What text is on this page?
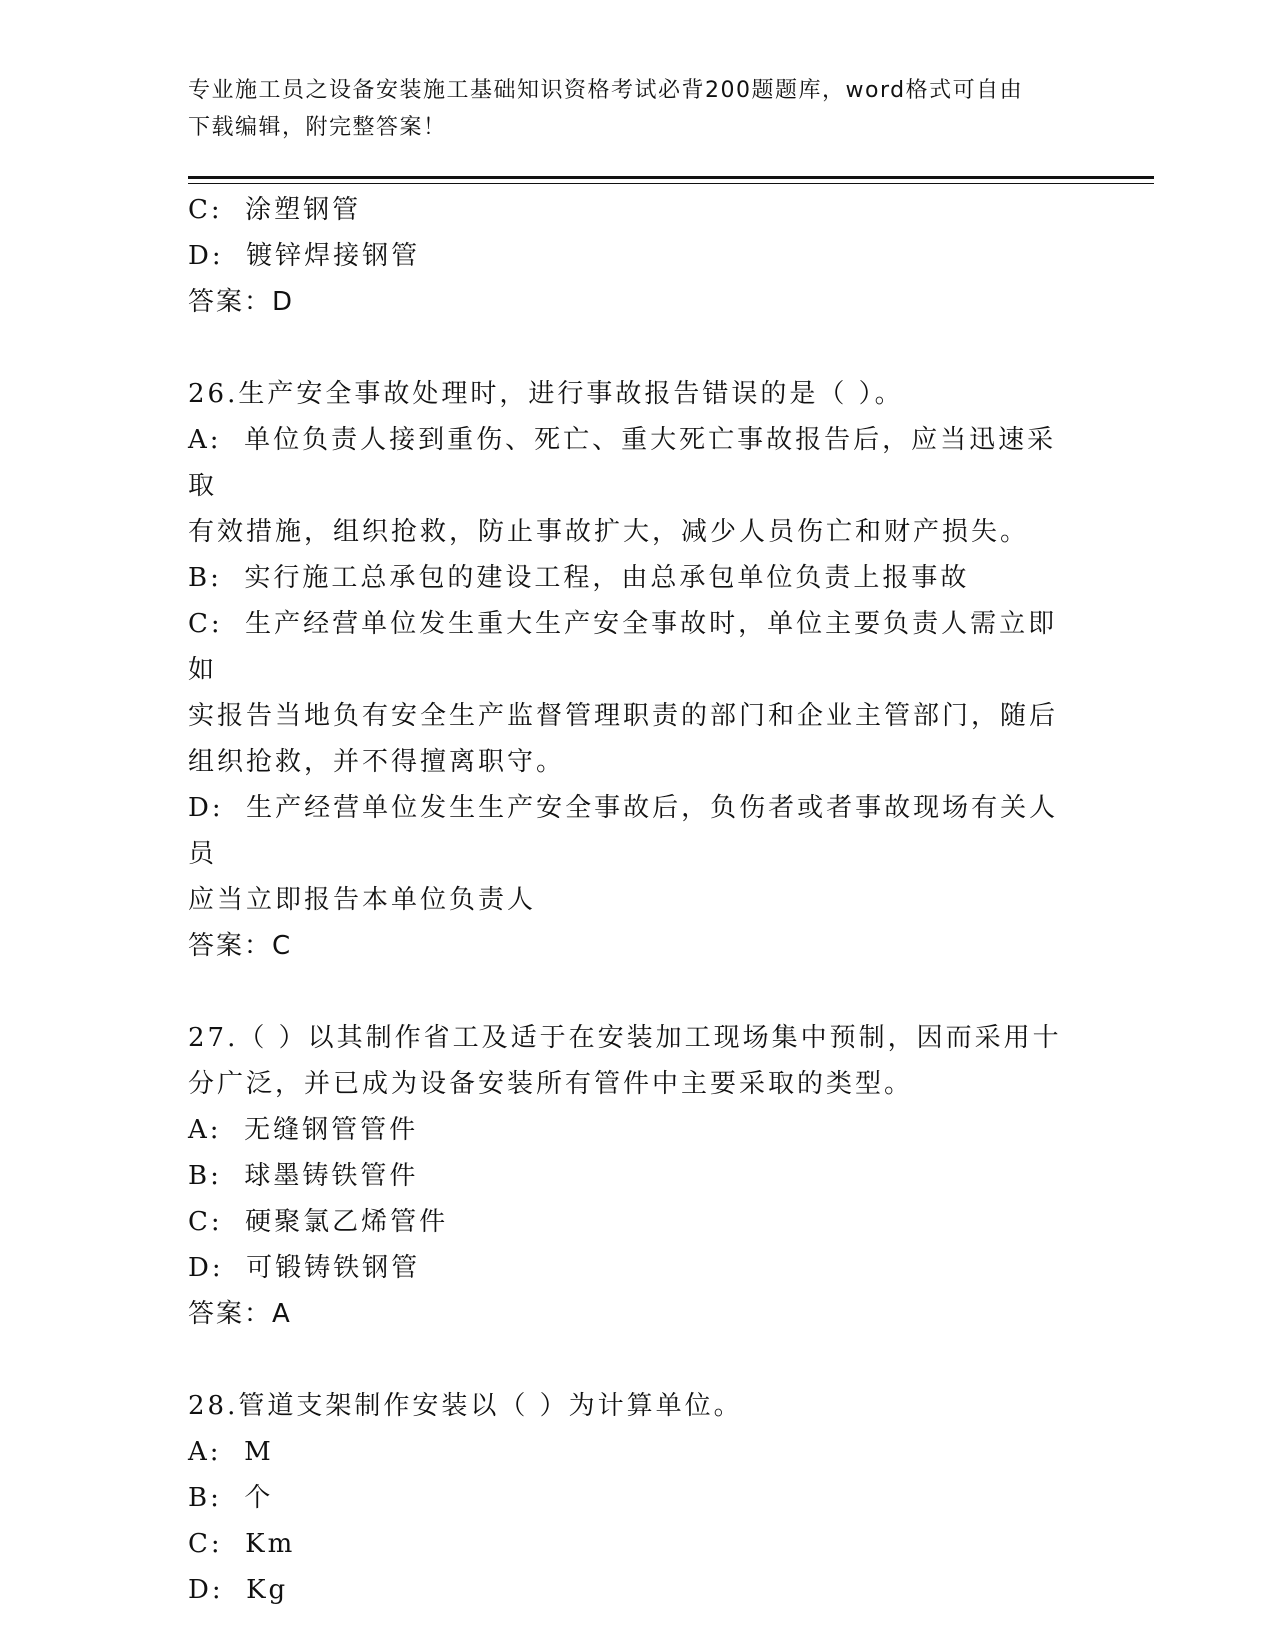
专业施工员之设备安装施工基础知识资格考试必背200题题库，word格式可自由
下载编辑，附完整答案！
C:  涂塑钢管
D:  镀锌焊接钢管
答案：D
26.生产安全事故处理时，进行事故报告错误的是（ ）。
A:  单位负责人接到重伤、死亡、重大死亡事故报告后，应当迅速采取
有效措施，组织抢救，防止事故扩大，减少人员伤亡和财产损失。
B:  实行施工总承包的建设工程，由总承包单位负责上报事故
C:  生产经营单位发生重大生产安全事故时，单位主要负责人需立即如
实报告当地负有安全生产监督管理职责的部门和企业主管部门，随后
组织抢救，并不得擅离职守。
D:  生产经营单位发生生产安全事故后，负伤者或者事故现场有关人员
应当立即报告本单位负责人
答案：C
27.（ ）以其制作省工及适于在安装加工现场集中预制，因而采用十
分广泛，并已成为设备安装所有管件中主要采取的类型。
A:  无缝钢管管件
B:  球墨铸铁管件
C:  硬聚氯乙烯管件
D:  可锻铸铁钢管
答案：A
28.管道支架制作安装以（ ）为计算单位。
A:  M
B:  个
C:  Km
D:  Kg
